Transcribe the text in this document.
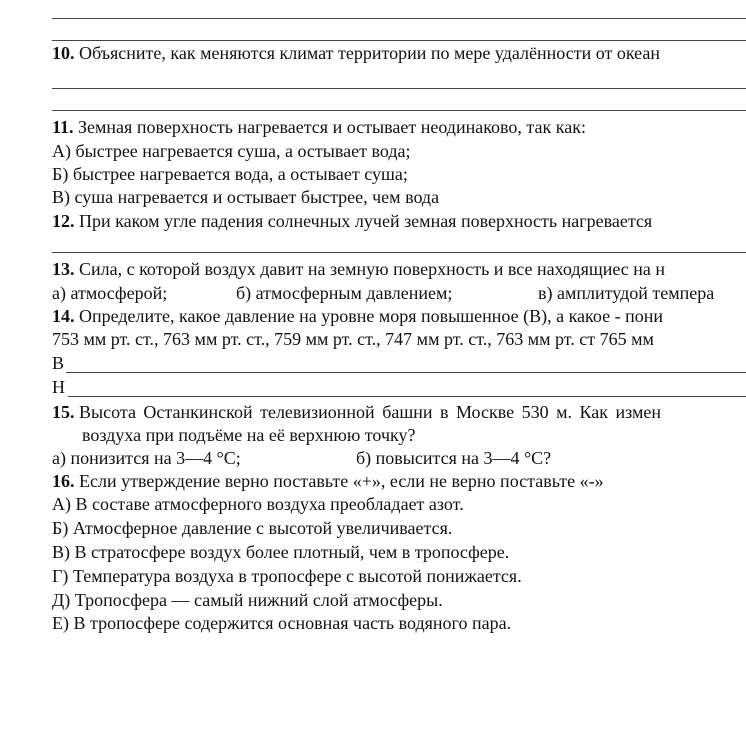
10. Объясните, как меняются климат территории по мере удалённости от океан
11. Земная поверхность нагревается и остывает неодинаково, так как:
А) быстрее нагревается суша, а остывает вода;
Б) быстрее нагревается вода, а остывает суша;
В) суша нагревается и остывает быстрее, чем вода
12. При каком угле падения солнечных лучей земная поверхность нагревается
13. Сила, с которой воздух давит на земную поверхность и все находящиес на н
а) атмосферой;	б) атмосферным давлением;	в) амплитудой темпера
14. Определите, какое давление на уровне моря повышенное (В), а какое - пони
753 мм рт. ст., 763 мм рт. ст., 759 мм рт. ст., 747 мм рт. ст., 763 мм рт. ст 765 мм
В
Н
15. Высота Останкинской телевизионной башни в Москве 530 м. Как измен
воздуха при подъёме на её верхнюю точку?
а) понизится на 3—4 °С;	б) повысится на 3—4 °С?
16. Если утверждение верно поставьте «+», если не верно поставьте «-»
А) В составе атмосферного воздуха преобладает азот.
Б) Атмосферное давление с высотой увеличивается.
В) В стратосфере воздух более плотный, чем в тропосфере.
Г) Температура воздуха в тропосфере с высотой понижается.
Д) Тропосфера — самый нижний слой атмосферы.
Е) В тропосфере содержится основная часть водяного пара.
